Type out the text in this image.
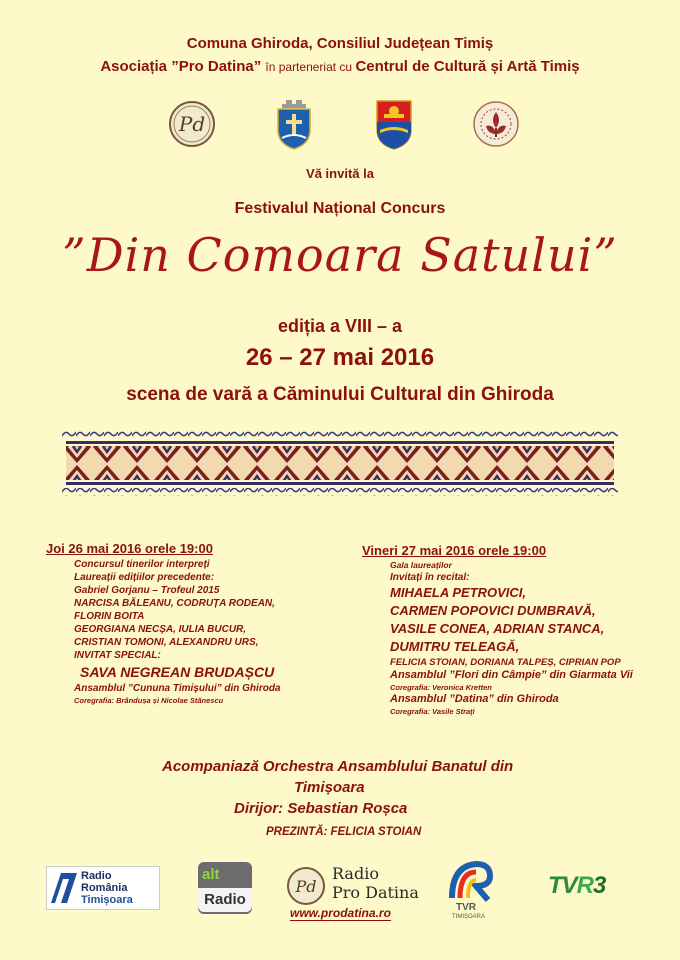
Comuna Ghiroda, Consiliul Județean Timiș
Asociația ”Pro Datina” în parteneriat cu Centrul de Cultură și Artă Timiș
Pd
Vă invită la
Festivalul Național Concurs
”Din Comoara Satului”
ediția a VIII – a
26 – 27 mai 2016
scena de vară a Căminului Cultural din Ghiroda
Joi 26 mai 2016 orele 19:00
Concursul tinerilor interpreți
Laureații edițiilor precedente:
Gabriel Gorjanu – Trofeul 2015
NARCISA BĂLEANU, CODRUȚA RODEAN,
FLORIN BOITA
GEORGIANA NECȘA, IULIA BUCUR,
CRISTIAN TOMONI, ALEXANDRU URS,
INVITAT SPECIAL:
SAVA NEGREAN BRUDAȘCU
Ansamblul ”Cununa Timișului” din Ghiroda
Coregrafia: Brândușa și Nicolae Stănescu
Vineri 27 mai 2016 orele 19:00
Gala laureaților
Invitați în recital:
MIHAELA PETROVICI,
CARMEN POPOVICI DUMBRAVĂ,
VASILE CONEA, ADRIAN STANCA,
DUMITRU TELEAGĂ,
FELICIA STOIAN, DORIANA TALPEȘ, CIPRIAN POP
Ansamblul ”Flori din Câmpie” din Giarmata Vii
Coregrafia: Veronica Kretten
Ansamblul ”Datina” din Ghiroda
Coregrafia: Vasile Straţi
Acompaniază Orchestra Ansamblului Banatul din
Timișoara
Dirijor: Sebastian Roșca
PREZINTĂ: FELICIA STOIAN
Radio
România
Timișoara
alt
Radio
Pd
Radio
Pro Datina
www.prodatina.ro	TVR
TIMIȘOARA
TVR3
